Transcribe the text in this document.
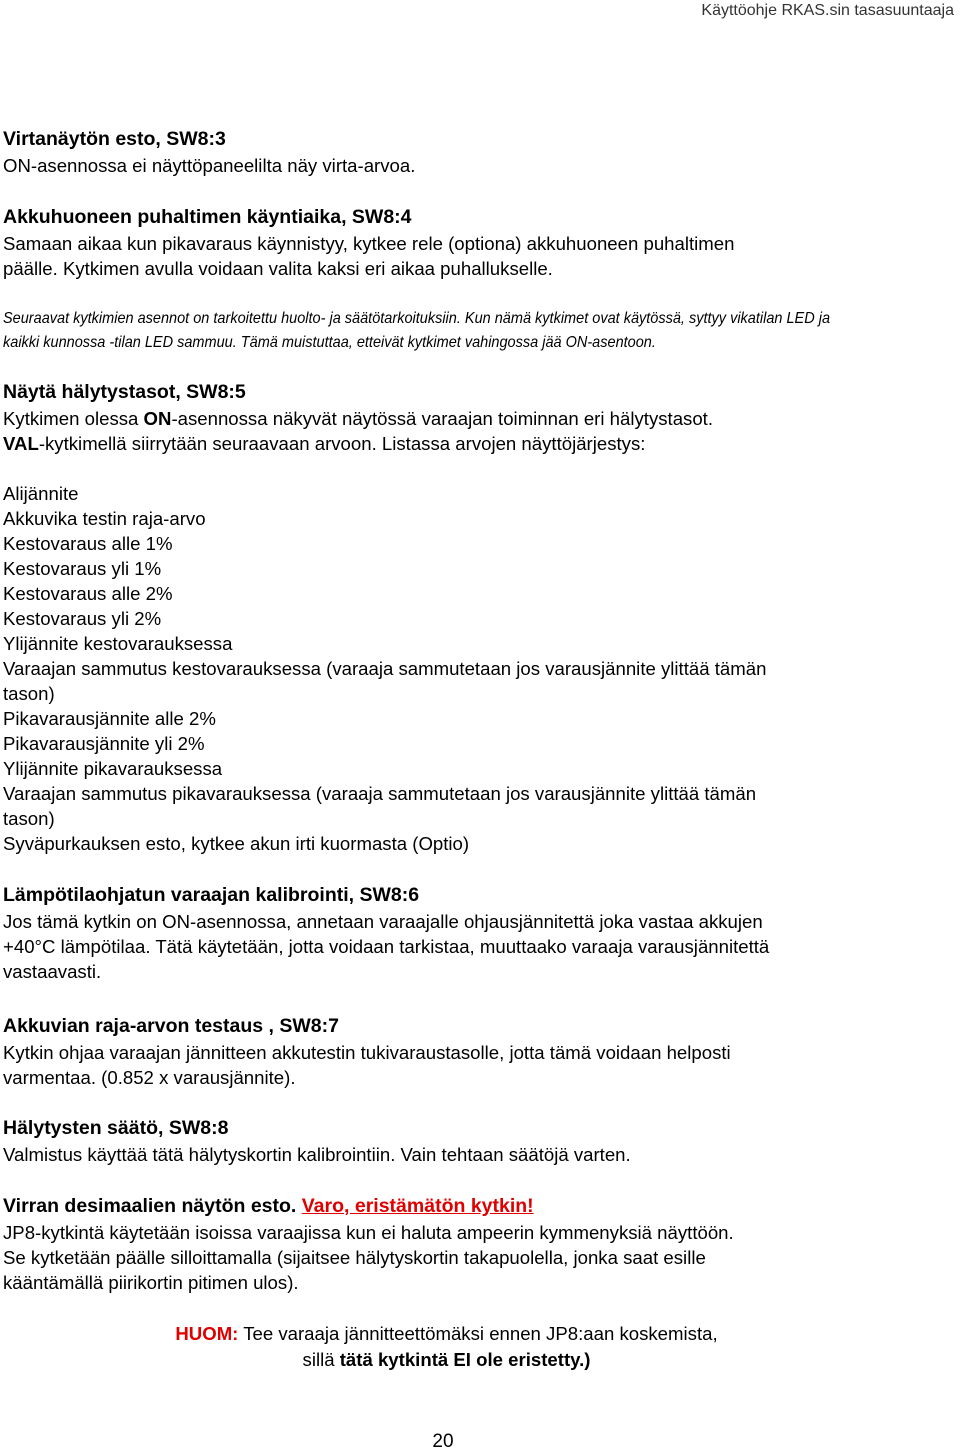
Käyttöohje RKAS.sin tasasuuntaaja
Virtanäytön esto, SW8:3
ON-asennossa ei näyttöpaneelilta näy virta-arvoa.
Akkuhuoneen puhaltimen käyntiaika, SW8:4
Samaan aikaa kun pikavaraus käynnistyy, kytkee rele (optiona) akkuhuoneen puhaltimen
päälle. Kytkimen avulla voidaan valita kaksi eri aikaa puhallukselle.
Seuraavat kytkimien asennot on tarkoitettu huolto- ja säätötarkoituksiin. Kun nämä kytkimet ovat käytössä, syttyy vikatilan LED ja
kaikki kunnossa -tilan LED sammuu. Tämä muistuttaa, etteivät kytkimet vahingossa jää ON-asentoon.
Näytä hälytystasot, SW8:5
Kytkimen olessa ON-asennossa näkyvät näytössä varaajan toiminnan eri hälytystasot.
VAL-kytkimellä siirrytään seuraavaan arvoon. Listassa arvojen näyttöjärjestys:
Alijännite
Akkuvika testin raja-arvo
Kestovaraus alle 1%
Kestovaraus yli 1%
Kestovaraus alle 2%
Kestovaraus yli 2%
Ylijännite kestovarauksessa
Varaajan sammutus kestovarauksessa (varaaja sammutetaan jos varausjännite ylittää tämän
tason)
Pikavarausjännite alle 2%
Pikavarausjännite yli 2%
Ylijännite pikavarauksessa
Varaajan sammutus pikavarauksessa (varaaja sammutetaan jos varausjännite ylittää tämän
tason)
Syväpurkauksen esto, kytkee akun irti kuormasta (Optio)
Lämpötilaohjatun varaajan kalibrointi, SW8:6
Jos tämä kytkin on ON-asennossa, annetaan varaajalle ohjausjännitettä joka vastaa akkujen
+40°C lämpötilaa. Tätä käytetään, jotta voidaan tarkistaa, muuttaako varaaja varausjännitettä
vastaavasti.
Akkuvian raja-arvon testaus , SW8:7
Kytkin ohjaa varaajan jännitteen akkutestin tukivaraustasolle, jotta tämä voidaan helposti
varmentaa. (0.852 x varausjännite).
Hälytysten säätö, SW8:8
Valmistus käyttää tätä hälytyskortin kalibrointiin. Vain tehtaan säätöjä varten.
Virran desimaalien näytön esto. Varo, eristämätön kytkin!
JP8-kytkintä käytetään isoissa varaajissa kun ei haluta ampeerin kymmenyksiä näyttöön.
Se kytketään päälle silloittamalla (sijaitsee hälytyskortin takapuolella, jonka saat esille
kääntämällä piirikortin pitimen ulos).
HUOM: Tee varaaja jännitteettömäksi ennen JP8:aan koskemista,
sillä tätä kytkintä EI ole eristetty.)
20
